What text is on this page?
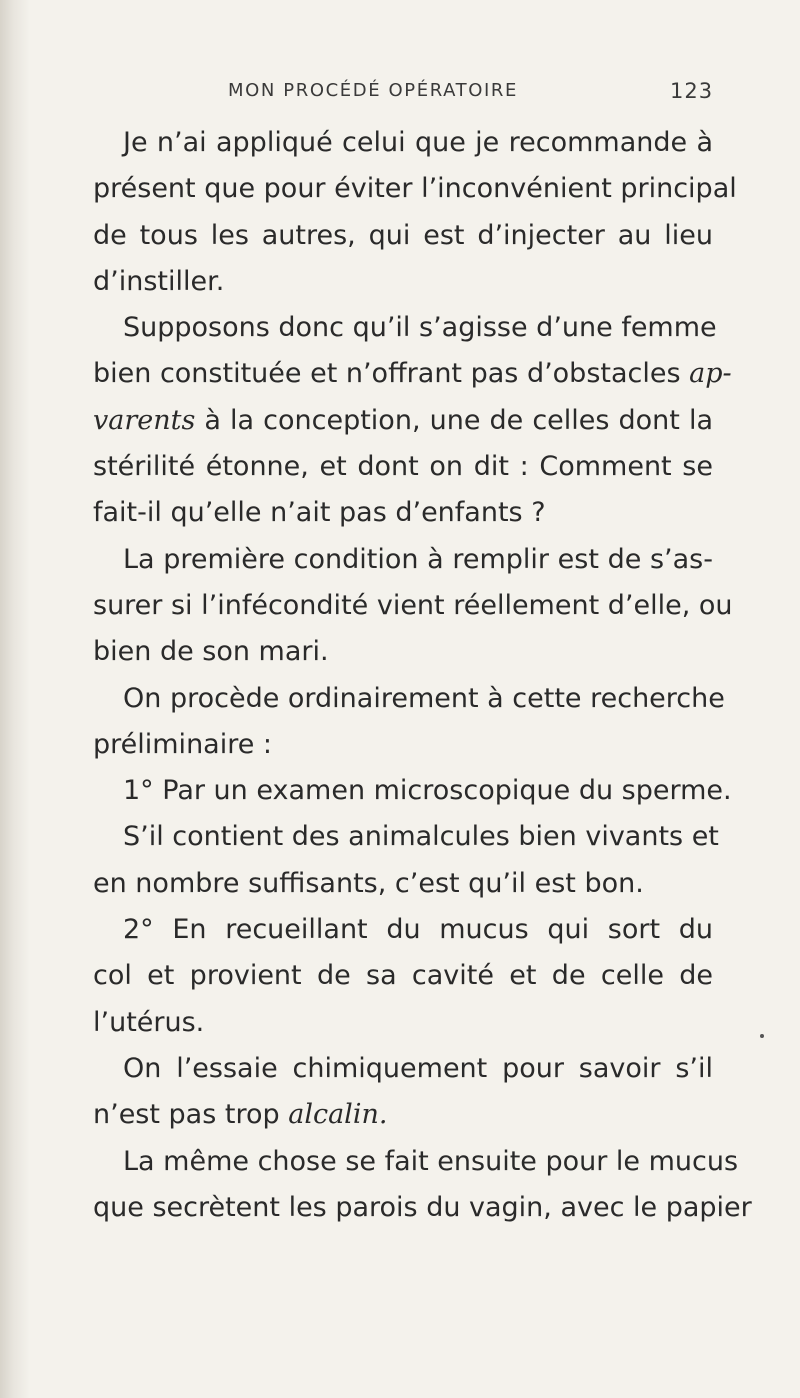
MON PROCÉDÉ OPÉRATOIRE	123
Je n’ai appliqué celui que je recommande à
présent que pour éviter l’inconvénient principal
de tous les autres, qui est d’injecter au lieu
d’instiller.
Supposons donc qu’il s’agisse d’une femme
bien constituée et n’offrant pas d’obstacles ap-
varents à la conception, une de celles dont la
stérilité étonne, et dont on dit : Comment se
fait-il qu’elle n’ait pas d’enfants ?
La première condition à remplir est de s’as-
surer si l’infécondité vient réellement d’elle, ou
bien de son mari.
On procède ordinairement à cette recherche
préliminaire :
1° Par un examen microscopique du sperme.
S’il contient des animalcules bien vivants et
en nombre suffisants, c’est qu’il est bon.
2° En recueillant du mucus qui sort du
col et provient de sa cavité et de celle de
l’utérus.
On l’essaie chimiquement pour savoir s’il
n’est pas trop alcalin.
La même chose se fait ensuite pour le mucus
que secrètent les parois du vagin, avec le papier
